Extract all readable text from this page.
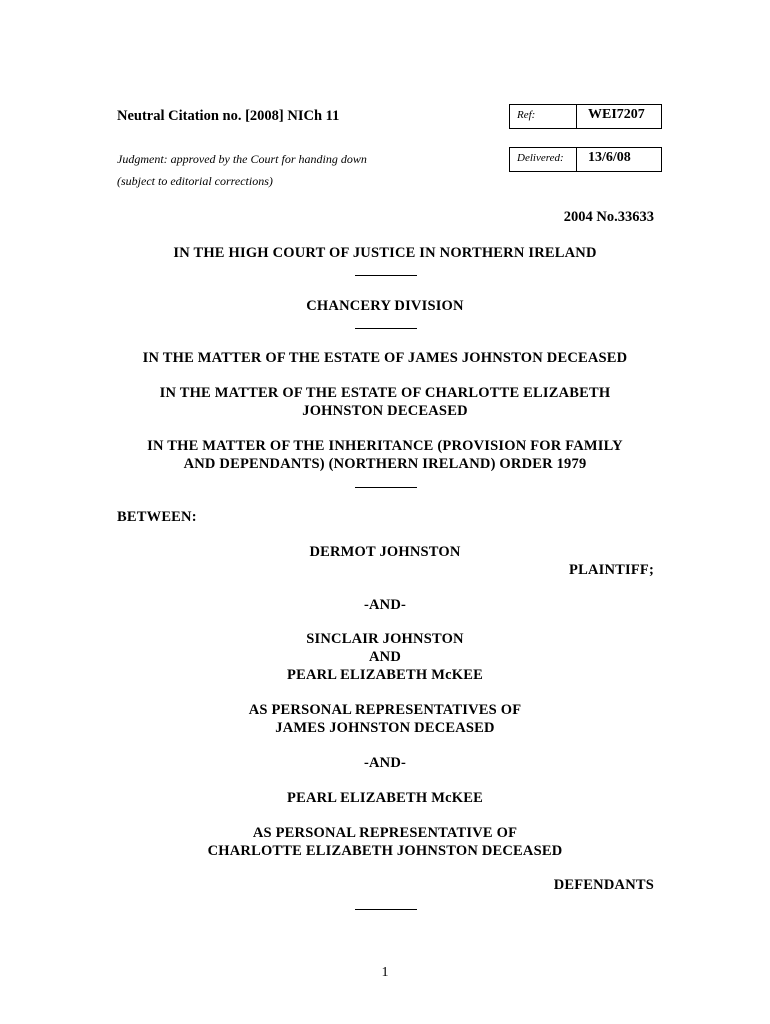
Neutral Citation no. [2008] NICh 11	Ref:	WEI7207
Judgment: approved by the Court for handing down	Delivered: 13/6/08
(subject to editorial corrections)
2004 No.33633
IN THE HIGH COURT OF JUSTICE IN NORTHERN IRELAND
CHANCERY DIVISION
IN THE MATTER OF THE ESTATE OF JAMES JOHNSTON DECEASED
IN THE MATTER OF THE ESTATE OF CHARLOTTE ELIZABETH
JOHNSTON DECEASED
IN THE MATTER OF THE INHERITANCE (PROVISION FOR FAMILY
AND DEPENDANTS) (NORTHERN IRELAND) ORDER 1979
BETWEEN:
DERMOT JOHNSTON
PLAINTIFF;
-AND-
SINCLAIR JOHNSTON
AND
PEARL ELIZABETH McKEE
AS PERSONAL REPRESENTATIVES OF
JAMES JOHNSTON DECEASED
-AND-
PEARL ELIZABETH McKEE
AS PERSONAL REPRESENTATIVE OF
CHARLOTTE ELIZABETH JOHNSTON DECEASED
DEFENDANTS
1
